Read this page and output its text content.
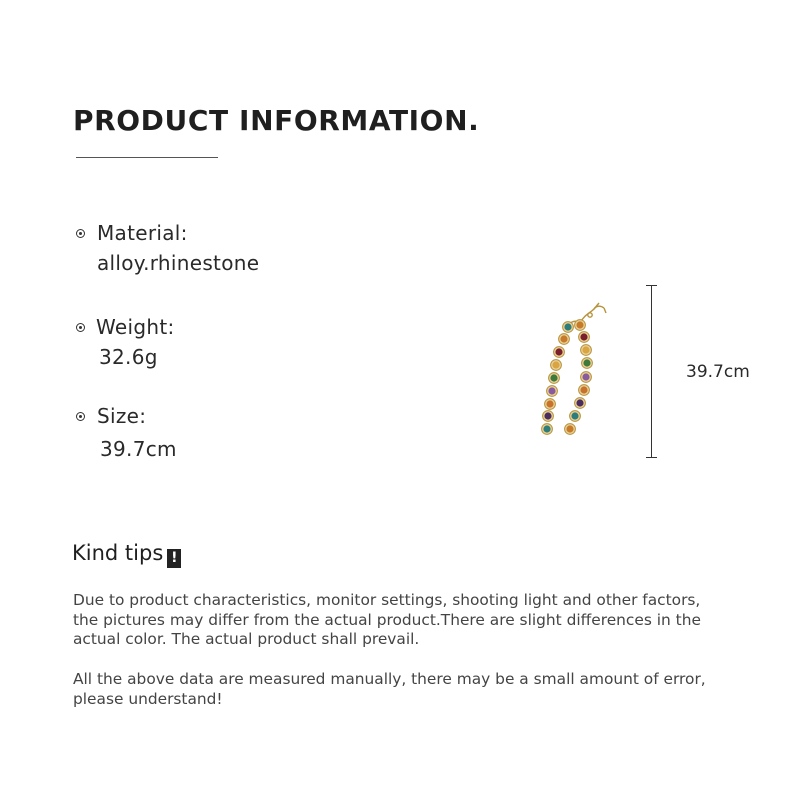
PRODUCT INFORMATION.
Material:
alloy.rhinestone
Weight:
32.6g
Size:
39.7cm
39.7cm
Kind tips !
Due to product characteristics, monitor settings, shooting light and other factors, the pictures may differ from the actual product.There are slight differences in the actual color. The actual product shall prevail.
All the above data are measured manually, there may be a small amount of error, please understand!
